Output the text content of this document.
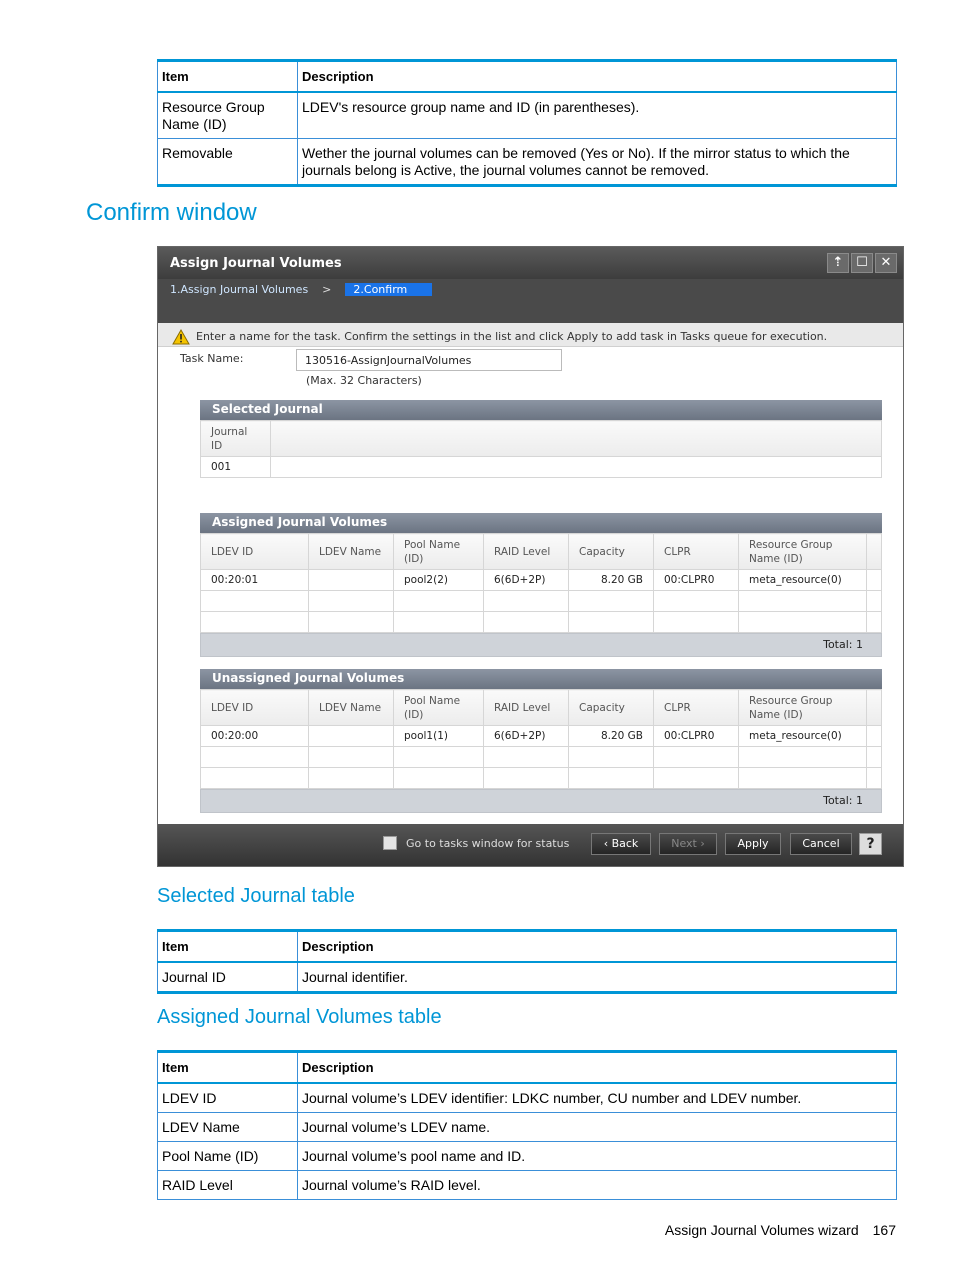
Item	Description
Resource Group Name (ID)	LDEV's resource group name and ID (in parentheses).
Removable	Wether the journal volumes can be removed (Yes or No). If the mirror status to which the journals belong is Active, the journal volumes cannot be removed.
Confirm window
Assign Journal Volumes	⇡ ☐ ✕
1.Assign Journal Volumes >	2.Confirm
Enter a name for the task. Confirm the settings in the list and click Apply to add task in Tasks queue for execution.
Task Name:
130516-AssignJournalVolumes
(Max. 32 Characters)
Selected Journal
Journal ID	
001	
Assigned Journal Volumes
LDEV ID	LDEV Name	Pool Name (ID)	RAID Level	Capacity	CLPR	Resource Group Name (ID)	
00:20:01		pool2(2)	6(6D+2P)	8.20 GB	00:CLPR0	meta_resource(0)	

Total: 1
Unassigned Journal Volumes
LDEV ID	LDEV Name	Pool Name (ID)	RAID Level	Capacity	CLPR	Resource Group Name (ID)	
00:20:00		pool1(1)	6(6D+2P)	8.20 GB	00:CLPR0	meta_resource(0)	

Total: 1
Go to tasks window for status	‹ Back	Next ›	Apply	Cancel	?
Selected Journal table
Item	Description
Journal ID	Journal identifier.
Assigned Journal Volumes table
Item	Description
LDEV ID	Journal volume’s LDEV identifier: LDKC number, CU number and LDEV number.
LDEV Name	Journal volume’s LDEV name.
Pool Name (ID)	Journal volume’s pool name and ID.
RAID Level	Journal volume’s RAID level.
Assign Journal Volumes wizard 167
